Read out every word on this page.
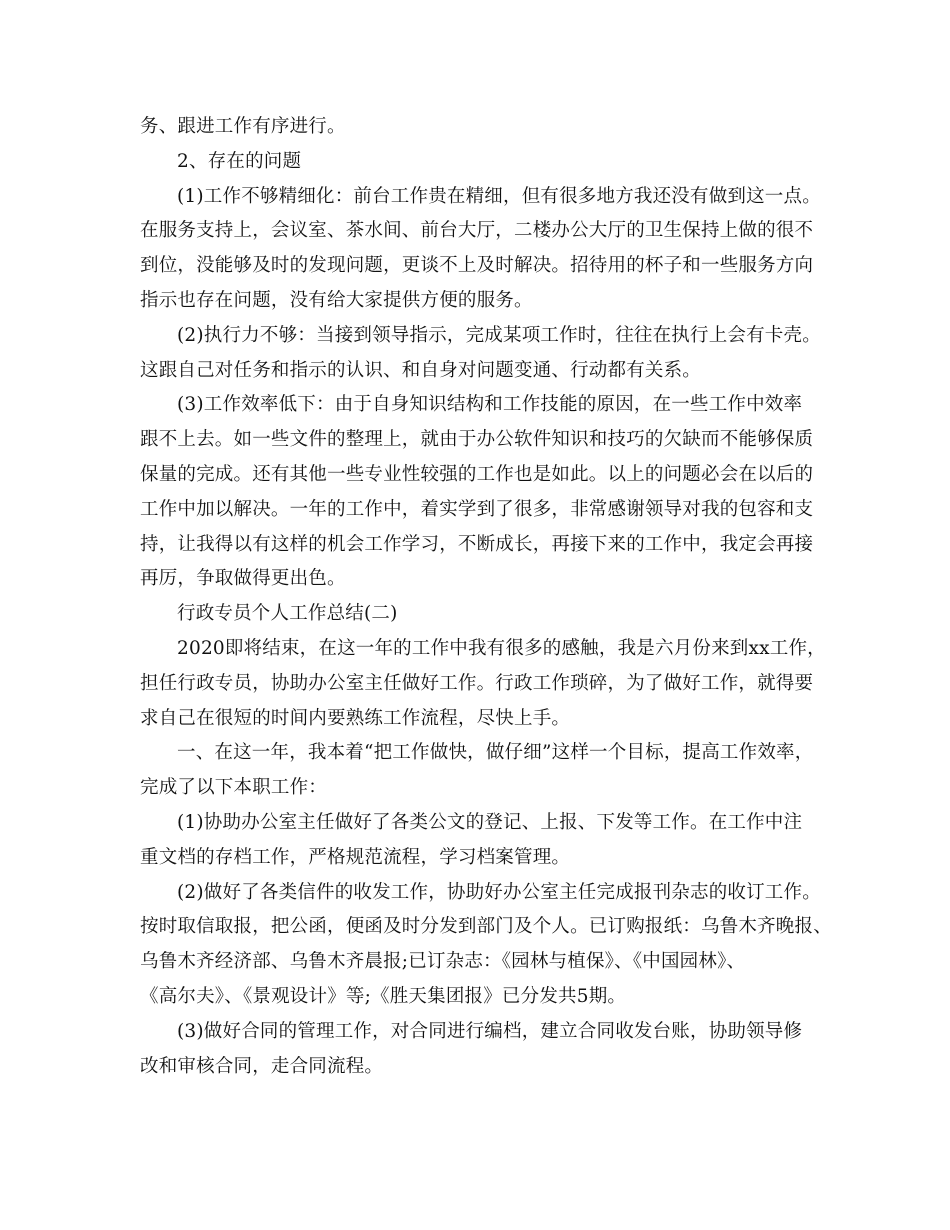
务、跟进工作有序进行。
2、存在的问题
(1)工作不够精细化：前台工作贵在精细，但有很多地方我还没有做到这一点。
在服务支持上，会议室、茶水间、前台大厅，二楼办公大厅的卫生保持上做的很不
到位，没能够及时的发现问题，更谈不上及时解决。招待用的杯子和一些服务方向
指示也存在问题，没有给大家提供方便的服务。
(2)执行力不够：当接到领导指示，完成某项工作时，往往在执行上会有卡壳。
这跟自己对任务和指示的认识、和自身对问题变通、行动都有关系。
(3)工作效率低下：由于自身知识结构和工作技能的原因，在一些工作中效率
跟不上去。如一些文件的整理上，就由于办公软件知识和技巧的欠缺而不能够保质
保量的完成。还有其他一些专业性较强的工作也是如此。以上的问题必会在以后的
工作中加以解决。一年的工作中，着实学到了很多，非常感谢领导对我的包容和支
持，让我得以有这样的机会工作学习，不断成长，再接下来的工作中，我定会再接
再厉，争取做得更出色。
行政专员个人工作总结(二)
2020即将结束，在这一年的工作中我有很多的感触，我是六月份来到xx工作，
担任行政专员，协助办公室主任做好工作。行政工作琐碎，为了做好工作，就得要
求自己在很短的时间内要熟练工作流程，尽快上手。
一、在这一年，我本着“把工作做快，做仔细”这样一个目标，提高工作效率，
完成了以下本职工作：
(1)协助办公室主任做好了各类公文的登记、上报、下发等工作。在工作中注
重文档的存档工作，严格规范流程，学习档案管理。
(2)做好了各类信件的收发工作，协助好办公室主任完成报刊杂志的收订工作。
按时取信取报，把公函，便函及时分发到部门及个人。已订购报纸：乌鲁木齐晚报、
乌鲁木齐经济部、乌鲁木齐晨报;已订杂志：《园林与植保》、《中国园林》、
《高尔夫》、《景观设计》等;《胜天集团报》已分发共5期。
(3)做好合同的管理工作，对合同进行编档，建立合同收发台账，协助领导修
改和审核合同，走合同流程。
